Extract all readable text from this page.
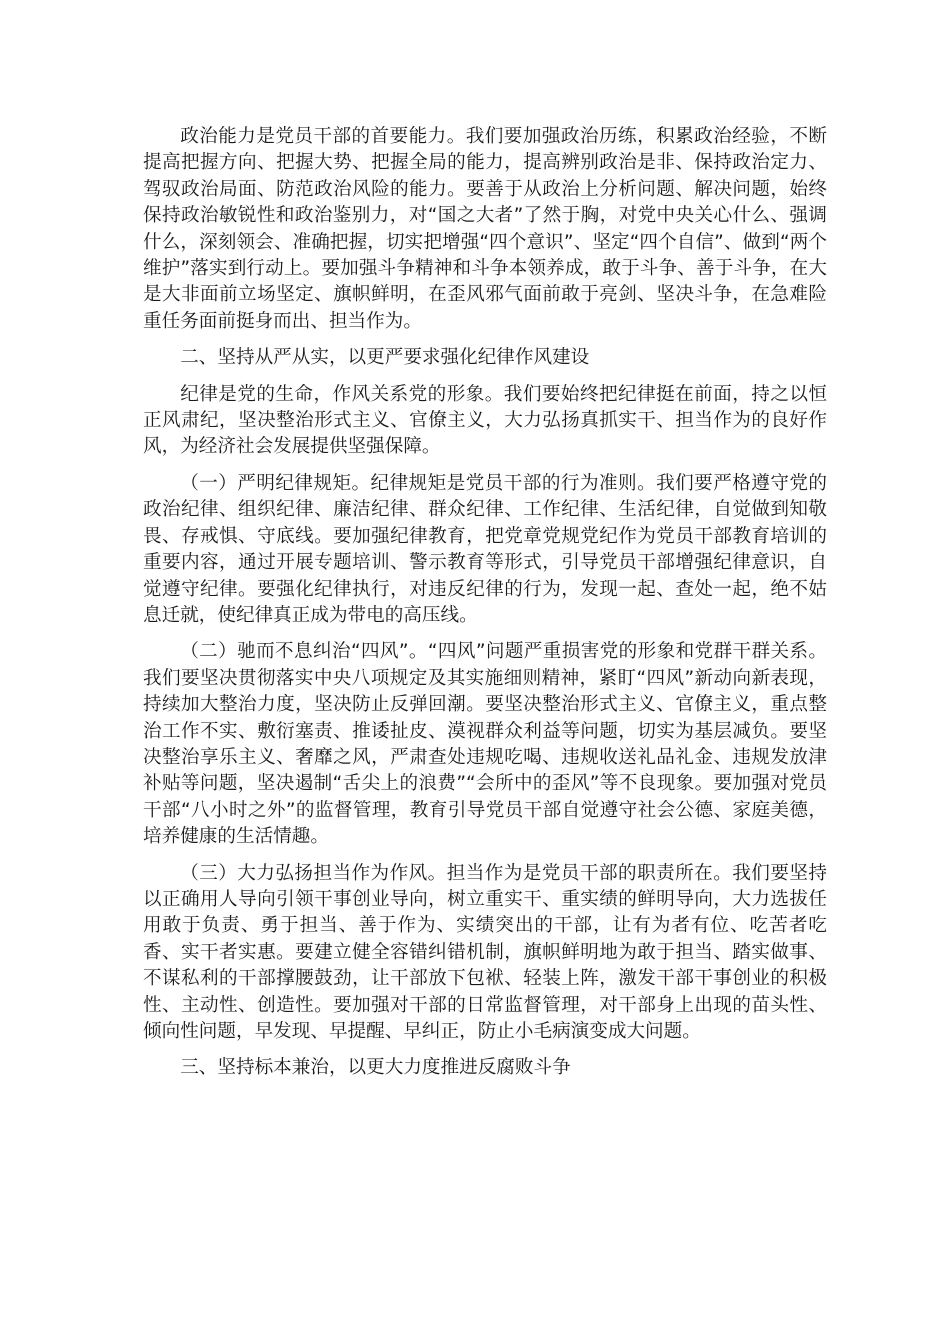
政治能力是党员干部的首要能力。我们要加强政治历练，积累政治经验，不断提高把握方向、把握大势、把握全局的能力，提高辨别政治是非、保持政治定力、驾驭政治局面、防范政治风险的能力。要善于从政治上分析问题、解决问题，始终保持政治敏锐性和政治鉴别力，对“国之大者”了然于胸，对党中央关心什么、强调什么，深刻领会、准确把握，切实把增强“四个意识”、坚定“四个自信”、做到“两个维护”落实到行动上。要加强斗争精神和斗争本领养成，敢于斗争、善于斗争，在大是大非面前立场坚定、旗帜鲜明，在歪风邪气面前敢于亮剑、坚决斗争，在急难险重任务面前挺身而出、担当作为。

二、坚持从严从实，以更严要求强化纪律作风建设

纪律是党的生命，作风关系党的形象。我们要始终把纪律挺在前面，持之以恒正风肃纪，坚决整治形式主义、官僚主义，大力弘扬真抓实干、担当作为的良好作风，为经济社会发展提供坚强保障。

（一）严明纪律规矩。纪律规矩是党员干部的行为准则。我们要严格遵守党的政治纪律、组织纪律、廉洁纪律、群众纪律、工作纪律、生活纪律，自觉做到知敬畏、存戒惧、守底线。要加强纪律教育，把党章党规党纪作为党员干部教育培训的重要内容，通过开展专题培训、警示教育等形式，引导党员干部增强纪律意识，自觉遵守纪律。要强化纪律执行，对违反纪律的行为，发现一起、查处一起，绝不姑息迁就，使纪律真正成为带电的高压线。

（二）驰而不息纠治“四风”。“四风”问题严重损害党的形象和党群干群关系。我们要坚决贯彻落实中央八项规定及其实施细则精神，紧盯“四风”新动向新表现，持续加大整治力度，坚决防止反弹回潮。要坚决整治形式主义、官僚主义，重点整治工作不实、敷衍塞责、推诿扯皮、漠视群众利益等问题，切实为基层减负。要坚决整治享乐主义、奢靡之风，严肃查处违规吃喝、违规收送礼品礼金、违规发放津补贴等问题，坚决遏制“舌尖上的浪费”“会所中的歪风”等不良现象。要加强对党员干部“八小时之外”的监督管理，教育引导党员干部自觉遵守社会公德、家庭美德，培养健康的生活情趣。

（三）大力弘扬担当作为作风。担当作为是党员干部的职责所在。我们要坚持以正确用人导向引领干事创业导向，树立重实干、重实绩的鲜明导向，大力选拔任用敢于负责、勇于担当、善于作为、实绩突出的干部，让有为者有位、吃苦者吃香、实干者实惠。要建立健全容错纠错机制，旗帜鲜明地为敢于担当、踏实做事、不谋私利的干部撑腰鼓劲，让干部放下包袱、轻装上阵，激发干部干事创业的积极性、主动性、创造性。要加强对干部的日常监督管理，对干部身上出现的苗头性、倾向性问题，早发现、早提醒、早纠正，防止小毛病演变成大问题。

三、坚持标本兼治，以更大力度推进反腐败斗争
